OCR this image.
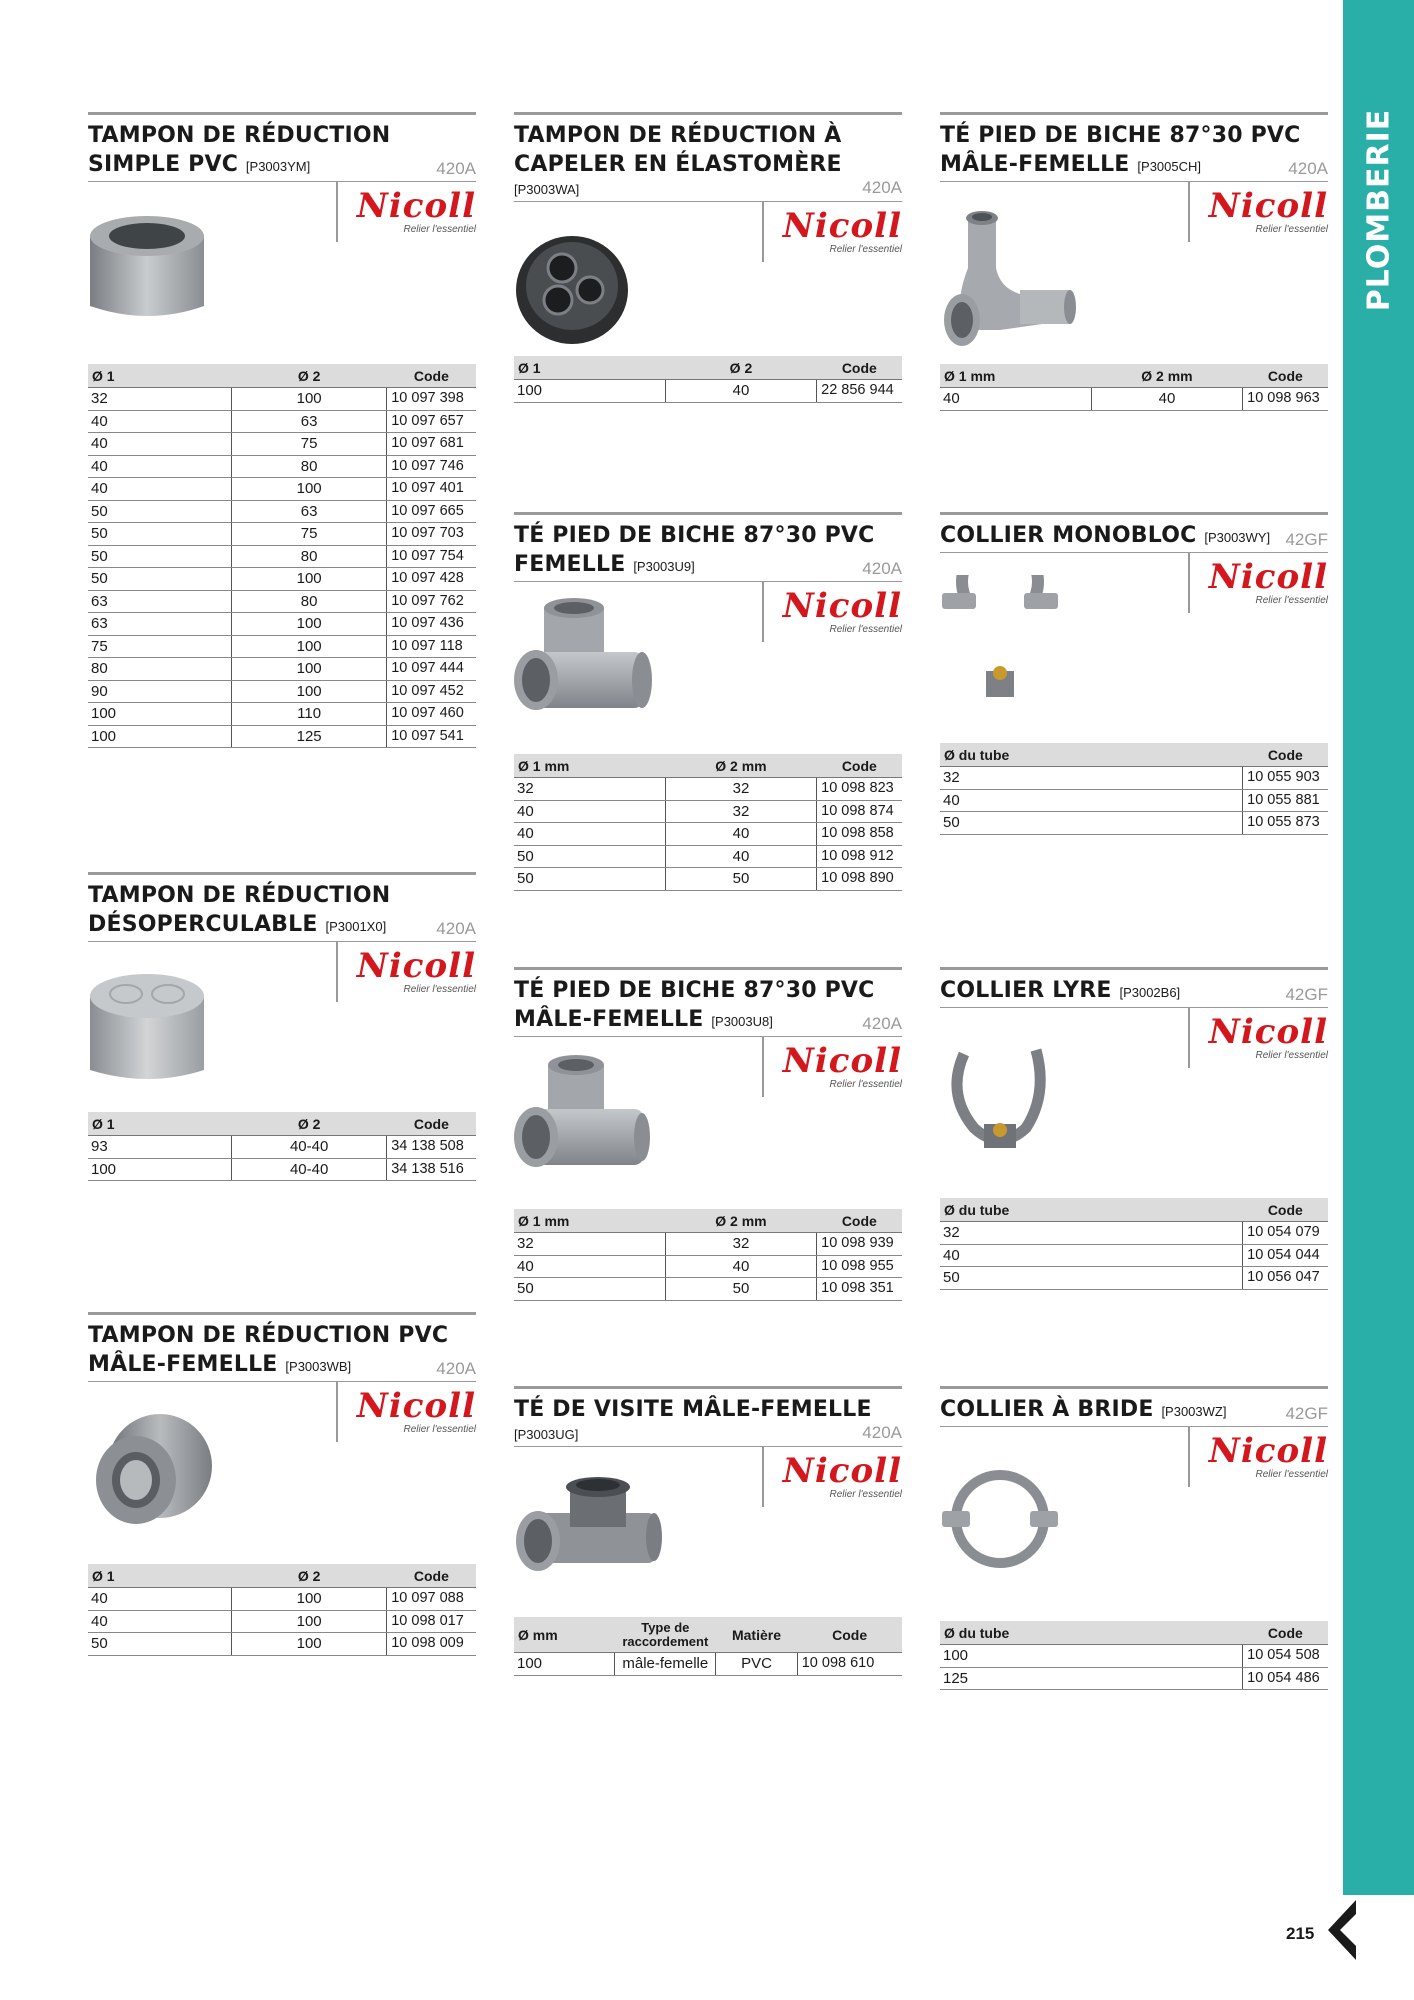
PLOMBERIE
TAMPON DE RÉDUCTION
SIMPLE PVC [P3003YM]	420A
Nicoll
Relier l'essentiel
Ø 1	Ø 2	Code
32	100	10 097 398
40	63	10 097 657
40	75	10 097 681
40	80	10 097 746
40	100	10 097 401
50	63	10 097 665
50	75	10 097 703
50	80	10 097 754
50	100	10 097 428
63	80	10 097 762
63	100	10 097 436
75	100	10 097 118
80	100	10 097 444
90	100	10 097 452
100	110	10 097 460
100	125	10 097 541
TAMPON DE RÉDUCTION
DÉSOPERCULABLE [P3001X0]	420A
Nicoll
Relier l'essentiel
Ø 1	Ø 2	Code
93	40-40	34 138 508
100	40-40	34 138 516
TAMPON DE RÉDUCTION PVC
MÂLE-FEMELLE [P3003WB]	420A
Nicoll
Relier l'essentiel
Ø 1	Ø 2	Code
40	100	10 097 088
40	100	10 098 017
50	100	10 098 009
TAMPON DE RÉDUCTION À
CAPELER EN ÉLASTOMÈRE
[P3003WA]	420A
Nicoll
Relier l'essentiel
Ø 1	Ø 2	Code
100	40	22 856 944
TÉ PIED DE BICHE 87°30 PVC
FEMELLE [P3003U9]	420A
Nicoll
Relier l'essentiel
Ø 1 mm	Ø 2 mm	Code
32	32	10 098 823
40	32	10 098 874
40	40	10 098 858
50	40	10 098 912
50	50	10 098 890
TÉ PIED DE BICHE 87°30 PVC
MÂLE-FEMELLE [P3003U8]	420A
Nicoll
Relier l'essentiel
Ø 1 mm	Ø 2 mm	Code
32	32	10 098 939
40	40	10 098 955
50	50	10 098 351
TÉ DE VISITE MÂLE-FEMELLE
[P3003UG]	420A
Nicoll
Relier l'essentiel
Ø mm	Type de raccordement	Matière	Code
100	mâle-femelle	PVC	10 098 610
TÉ PIED DE BICHE 87°30 PVC
MÂLE-FEMELLE [P3005CH]	420A
Nicoll
Relier l'essentiel
Ø 1 mm	Ø 2 mm	Code
40	40	10 098 963
COLLIER MONOBLOC [P3003WY] 42GF
Nicoll
Relier l'essentiel
Ø du tube	Code
32	10 055 903
40	10 055 881
50	10 055 873
COLLIER LYRE [P3002B6]	42GF
Nicoll
Relier l'essentiel
Ø du tube	Code
32	10 054 079
40	10 054 044
50	10 056 047
COLLIER À BRIDE [P3003WZ]	42GF
Nicoll
Relier l'essentiel
Ø du tube	Code
100	10 054 508
125	10 054 486
215
